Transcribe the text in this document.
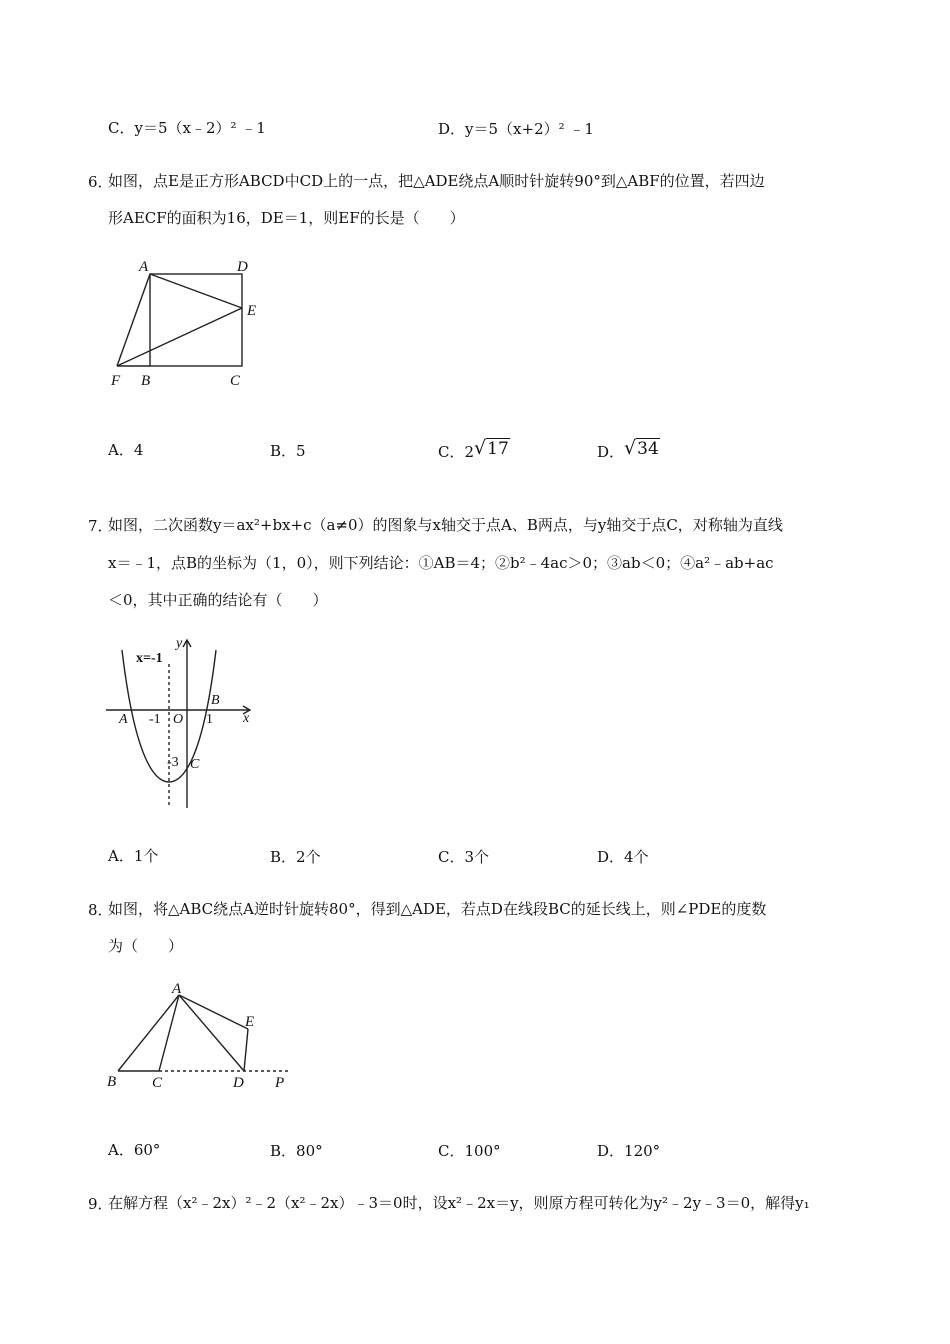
C．y＝5（x﹣2）² ﹣1	D．y＝5（x+2）² ﹣1
6．
如图，点E是正方形ABCD中CD上的一点，把△ADE绕点A顺时针旋转90°到△ABF的位置，若四边
形AECF的面积为16，DE＝1，则EF的长是（　　）
A	D
E
F B	C
A．4	B．5	C．2√17	D．√34
7．
如图，二次函数y＝ax²+bx+c（a≠0）的图象与x轴交于点A、B两点，与y轴交于点C，对称轴为直线
x＝﹣1，点B的坐标为（1，0），则下列结论：①AB＝4；②b²﹣4ac＞0；③ab＜0；④a²﹣ab+ac
＜0，其中正确的结论有（　　）
y
x=-1
B
x
A -1 O 1
-3 C
A．1个	B．2个	C．3个	D．4个
8．
如图，将△ABC绕点A逆时针旋转80°，得到△ADE，若点D在线段BC的延长线上，则∠PDE的度数
为（　　）
A
E
B C	D P
A．60°	B．80°	C．100°	D．120°
9．
在解方程（x²﹣2x）²﹣2（x²﹣2x）﹣3＝0时，设x²﹣2x＝y，则原方程可转化为y²﹣2y﹣3＝0，解得y₁
